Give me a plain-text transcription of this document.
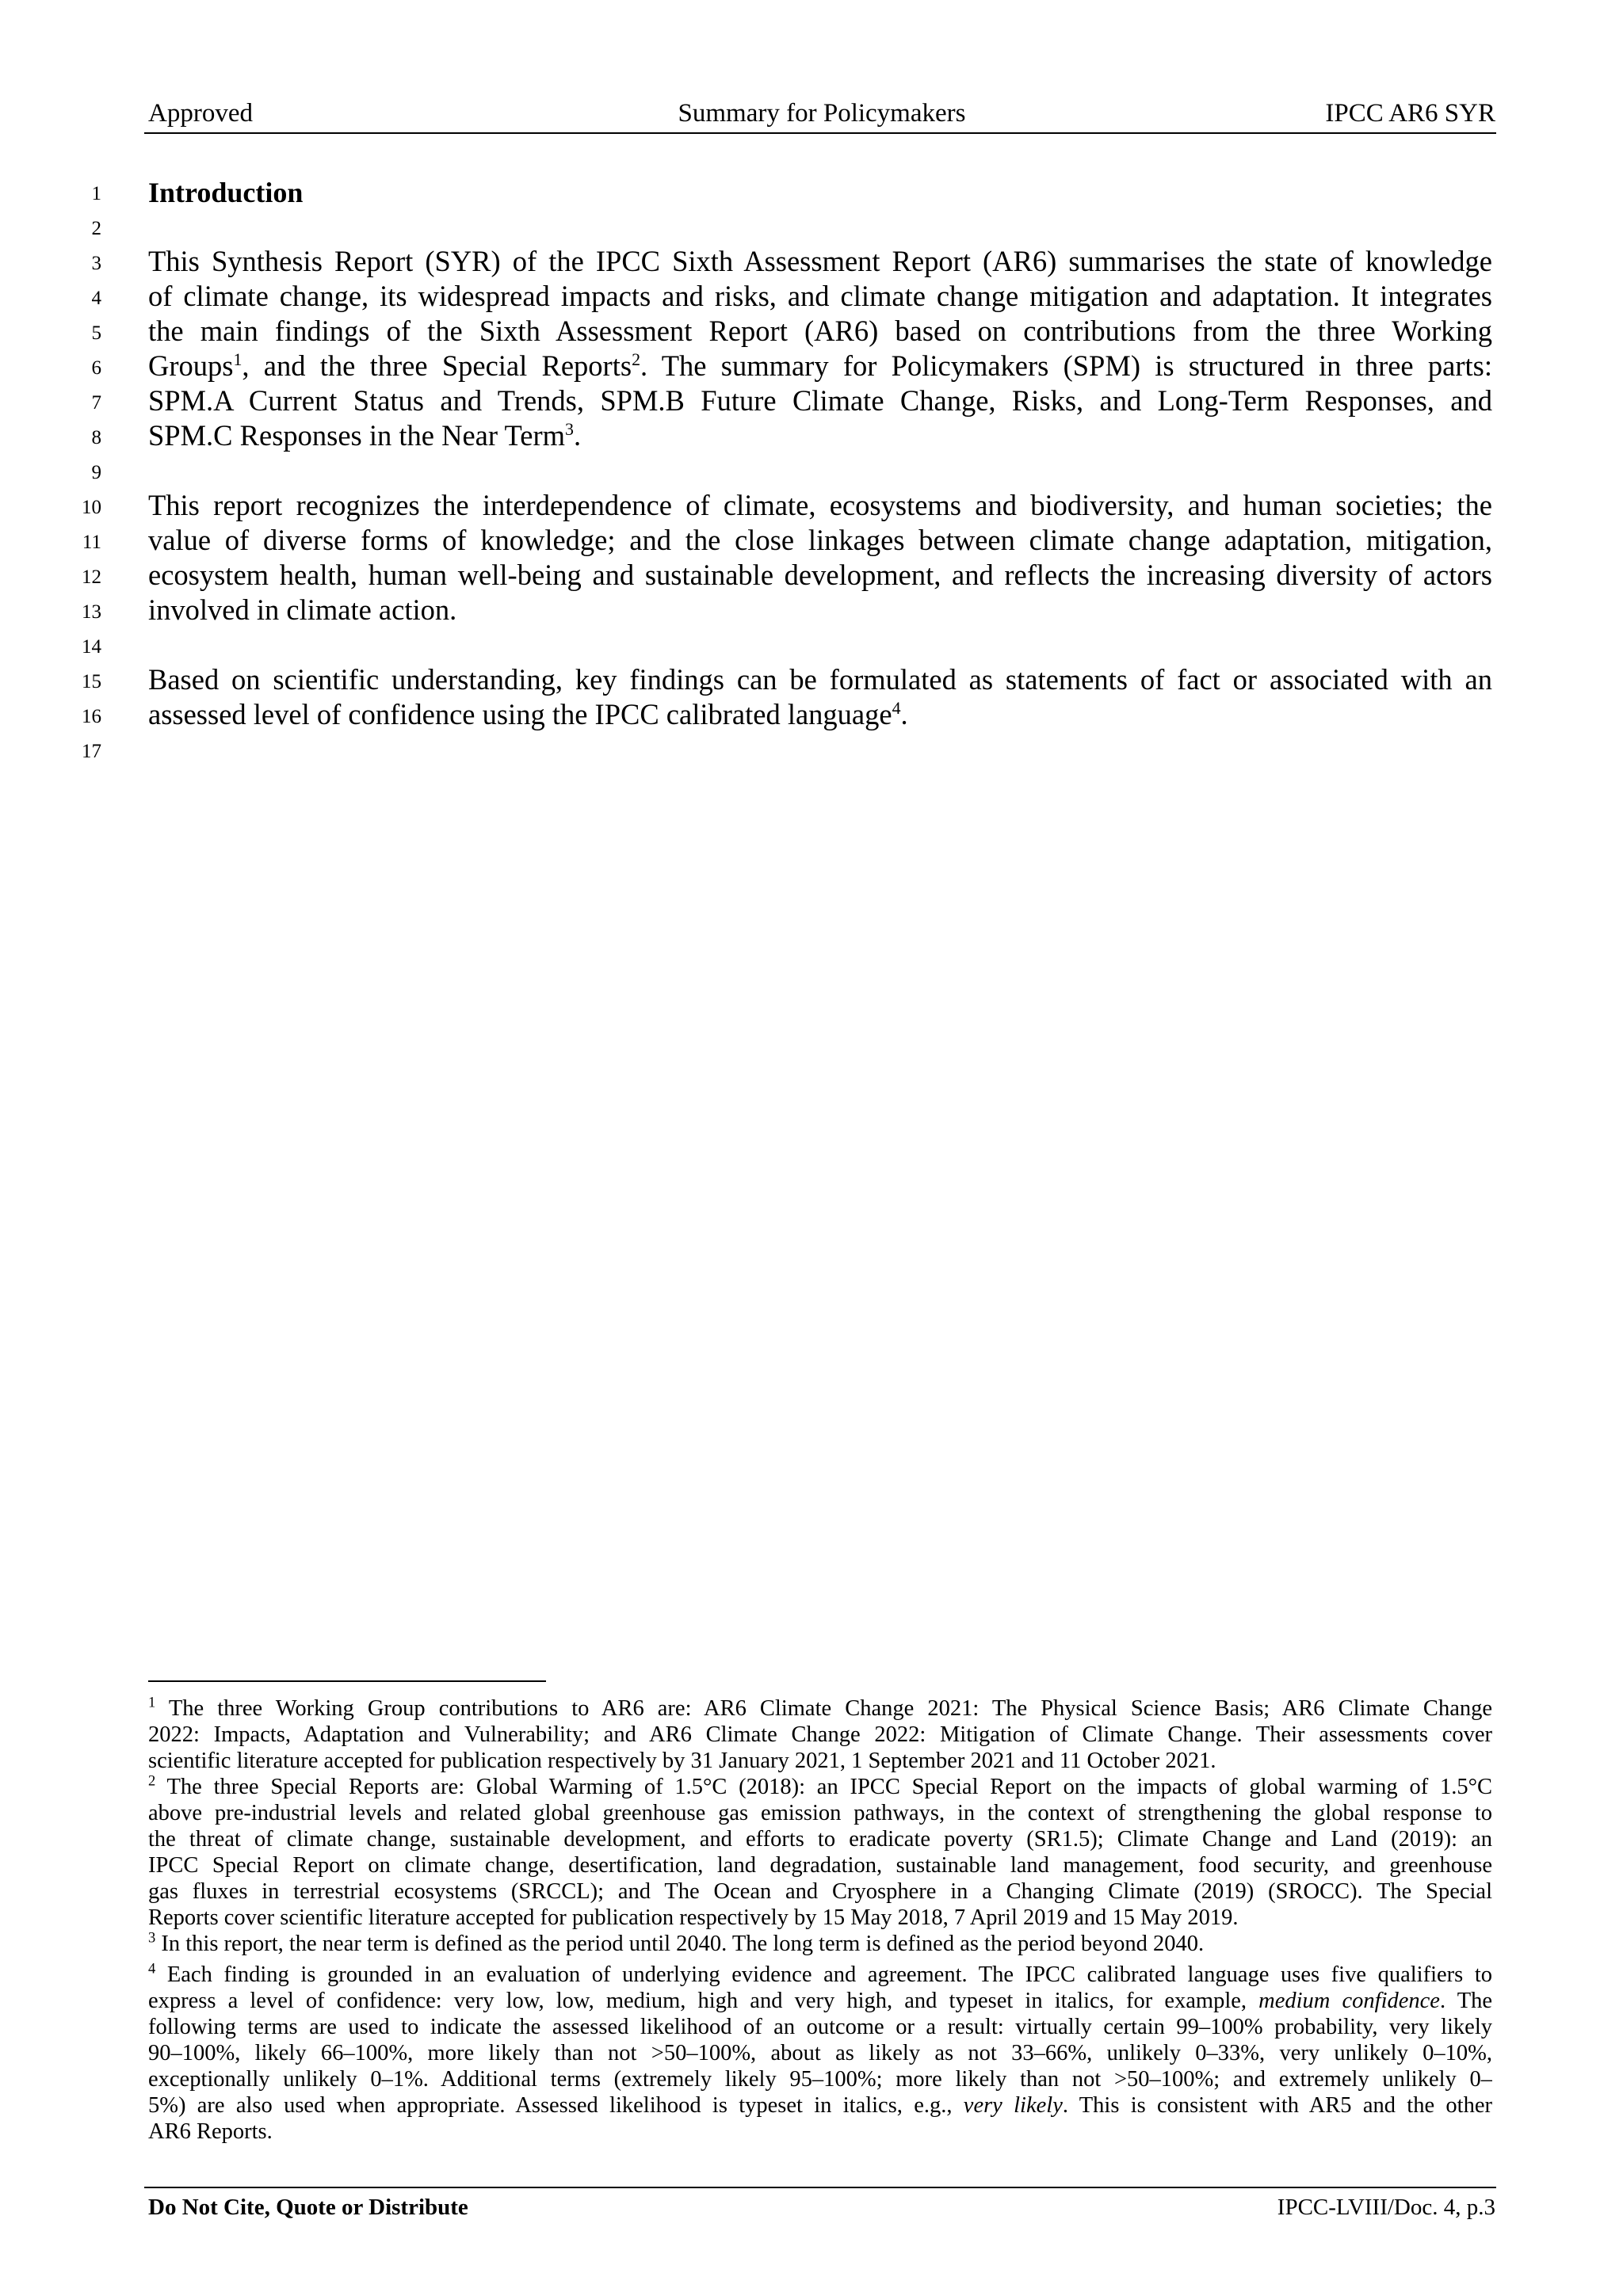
Approved	Summary for Policymakers	IPCC AR6 SYR
1
2
3
4
5
6
7
8
9
10
11
12
13
14
15
16
17
Introduction
This Synthesis Report (SYR) of the IPCC Sixth Assessment Report (AR6) summarises the state of knowledge
of climate change, its widespread impacts and risks, and climate change mitigation and adaptation. It integrates
the main findings of the Sixth Assessment Report (AR6) based on contributions from the three Working
Groups$^1$, and the three Special Reports$^2$. The summary for Policymakers (SPM) is structured in three parts:
SPM.A Current Status and Trends, SPM.B Future Climate Change, Risks, and Long-Term Responses, and
SPM.C Responses in the Near Term$^3$.
This report recognizes the interdependence of climate, ecosystems and biodiversity, and human societies; the
value of diverse forms of knowledge; and the close linkages between climate change adaptation, mitigation,
ecosystem health, human well-being and sustainable development, and reflects the increasing diversity of actors
involved in climate action.
Based on scientific understanding, key findings can be formulated as statements of fact or associated with an
assessed level of confidence using the IPCC calibrated language$^4$.
$^1$ The three Working Group contributions to AR6 are: AR6 Climate Change 2021: The Physical Science Basis; AR6 Climate Change
2022: Impacts, Adaptation and Vulnerability; and AR6 Climate Change 2022: Mitigation of Climate Change. Their assessments cover
scientific literature accepted for publication respectively by 31 January 2021, 1 September 2021 and 11 October 2021.
$^2$ The three Special Reports are: Global Warming of 1.5°C (2018): an IPCC Special Report on the impacts of global warming of 1.5°C
above pre-industrial levels and related global greenhouse gas emission pathways, in the context of strengthening the global response to
the threat of climate change, sustainable development, and efforts to eradicate poverty (SR1.5); Climate Change and Land (2019): an
IPCC Special Report on climate change, desertification, land degradation, sustainable land management, food security, and greenhouse
gas fluxes in terrestrial ecosystems (SRCCL); and The Ocean and Cryosphere in a Changing Climate (2019) (SROCC). The Special
Reports cover scientific literature accepted for publication respectively by 15 May 2018, 7 April 2019 and 15 May 2019.
$^3$ In this report, the near term is defined as the period until 2040. The long term is defined as the period beyond 2040.
$^4$ Each finding is grounded in an evaluation of underlying evidence and agreement. The IPCC calibrated language uses five qualifiers to
express a level of confidence: very low, low, medium, high and very high, and typeset in italics, for example, medium confidence. The
following terms are used to indicate the assessed likelihood of an outcome or a result: virtually certain 99–100% probability, very likely
90–100%, likely 66–100%, more likely than not >50–100%, about as likely as not 33–66%, unlikely 0–33%, very unlikely 0–10%,
exceptionally unlikely 0–1%. Additional terms (extremely likely 95–100%; more likely than not >50–100%; and extremely unlikely 0–
5%) are also used when appropriate. Assessed likelihood is typeset in italics, e.g., very likely. This is consistent with AR5 and the other
AR6 Reports.
Do Not Cite, Quote or Distribute	IPCC-LVIII/Doc. 4, p.3
